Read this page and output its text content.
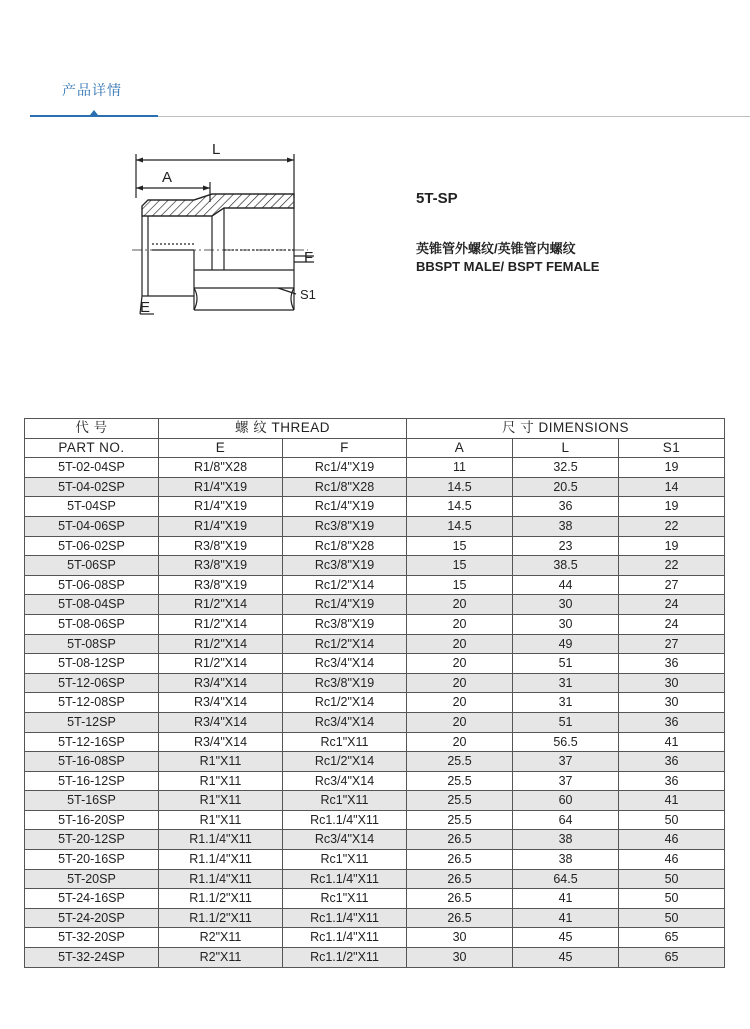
产品详情
L
A
F
S1
E
5T-SP
英锥管外螺纹/英锥管内螺纹
BBSPT MALE/ BSPT FEMALE
代 号	螺 纹 THREAD		尺 寸 DIMENSIONS		
PART NO.	E	F	A	L	S1
5T-02-04SP	R1/8"X28	Rc1/4"X19	11	32.5	19
5T-04-02SP	R1/4"X19	Rc1/8"X28	14.5	20.5	14
5T-04SP	R1/4"X19	Rc1/4"X19	14.5	36	19
5T-04-06SP	R1/4"X19	Rc3/8"X19	14.5	38	22
5T-06-02SP	R3/8"X19	Rc1/8"X28	15	23	19
5T-06SP	R3/8"X19	Rc3/8"X19	15	38.5	22
5T-06-08SP	R3/8"X19	Rc1/2"X14	15	44	27
5T-08-04SP	R1/2"X14	Rc1/4"X19	20	30	24
5T-08-06SP	R1/2"X14	Rc3/8"X19	20	30	24
5T-08SP	R1/2"X14	Rc1/2"X14	20	49	27
5T-08-12SP	R1/2"X14	Rc3/4"X14	20	51	36
5T-12-06SP	R3/4"X14	Rc3/8"X19	20	31	30
5T-12-08SP	R3/4"X14	Rc1/2"X14	20	31	30
5T-12SP	R3/4"X14	Rc3/4"X14	20	51	36
5T-12-16SP	R3/4"X14	Rc1"X11	20	56.5	41
5T-16-08SP	R1"X11	Rc1/2"X14	25.5	37	36
5T-16-12SP	R1"X11	Rc3/4"X14	25.5	37	36
5T-16SP	R1"X11	Rc1"X11	25.5	60	41
5T-16-20SP	R1"X11	Rc1.1/4"X11	25.5	64	50
5T-20-12SP	R1.1/4"X11	Rc3/4"X14	26.5	38	46
5T-20-16SP	R1.1/4"X11	Rc1"X11	26.5	38	46
5T-20SP	R1.1/4"X11	Rc1.1/4"X11	26.5	64.5	50
5T-24-16SP	R1.1/2"X11	Rc1"X11	26.5	41	50
5T-24-20SP	R1.1/2"X11	Rc1.1/4"X11	26.5	41	50
5T-32-20SP	R2"X11	Rc1.1/4"X11	30	45	65
5T-32-24SP	R2"X11	Rc1.1/2"X11	30	45	65
